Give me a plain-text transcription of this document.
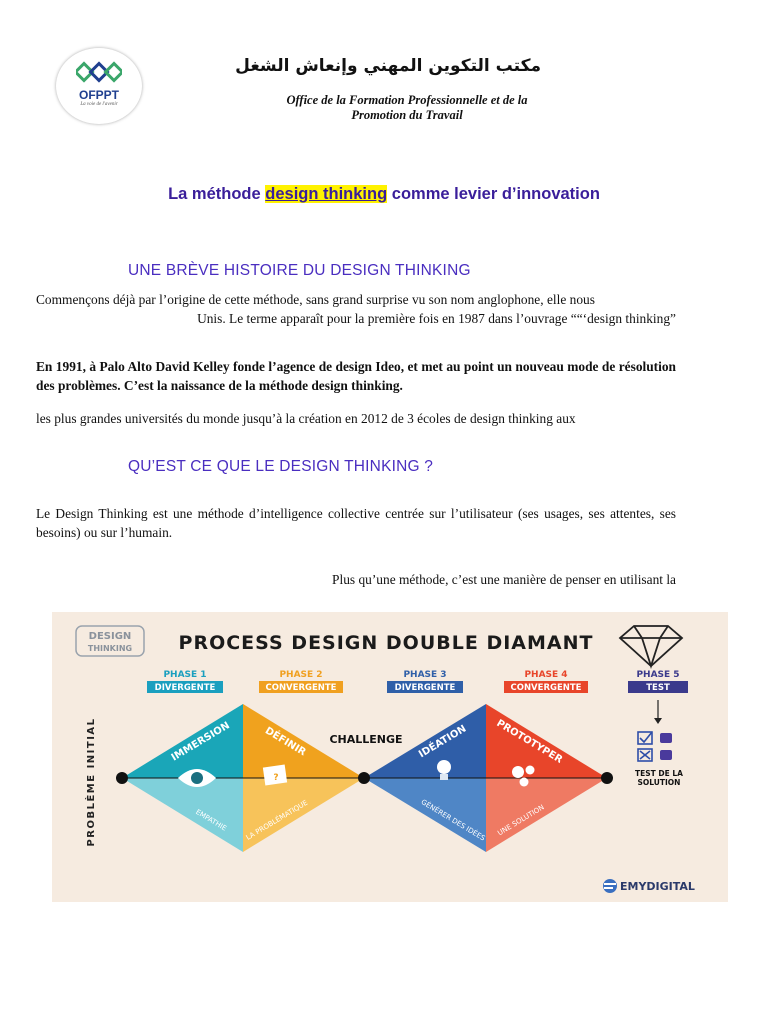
OFPPT
La voie de l'avenir
مكتب التكوين المهني وإنعاش الشغل
Office de la Formation Professionnelle et de la
Promotion du Travail
La méthode design thinking comme levier d’innovation
UNE BRÈVE HISTOIRE DU DESIGN THINKING
Commençons déjà par l’origine de cette méthode, sans grand surprise vu son nom anglophone, elle nous
Unis. Le terme apparaît pour la première fois en 1987 dans l’ouvrage ““‘design thinking”
En 1991, à Palo Alto David Kelley fonde l’agence de design Ideo, et met au point un nouveau mode de résolution des problèmes. C’est la naissance de la méthode design thinking.
les plus grandes universités du monde jusqu’à la création en 2012 de 3 écoles de design thinking aux
QU’EST CE QUE LE DESIGN THINKING ?
Le Design Thinking est une méthode d’intelligence collective centrée sur l’utilisateur (ses usages, ses attentes, ses besoins) ou sur l’humain.
Plus qu’une méthode, c’est une manière de penser en utilisant la
DESIGN
THINKING PROCESS DESIGN DOUBLE DIAMANT
PHASE 1
DIVERGENTE
PHASE 2
CONVERGENTE
PHASE 3
DIVERGENTE
PHASE 4
CONVERGENTE
PHASE 5
TEST
PROBLÈME INITIAL	CHALLENGE
IMMERSION	DÉFINIR	IDÉATION	PROTOTYPER
EMPATHIE LA PROBLÉMATIQUE	GÉNÉRER DES IDÉES UNE SOLUTION
?	TEST DE LA
SOLUTION
EMYDIGITAL
